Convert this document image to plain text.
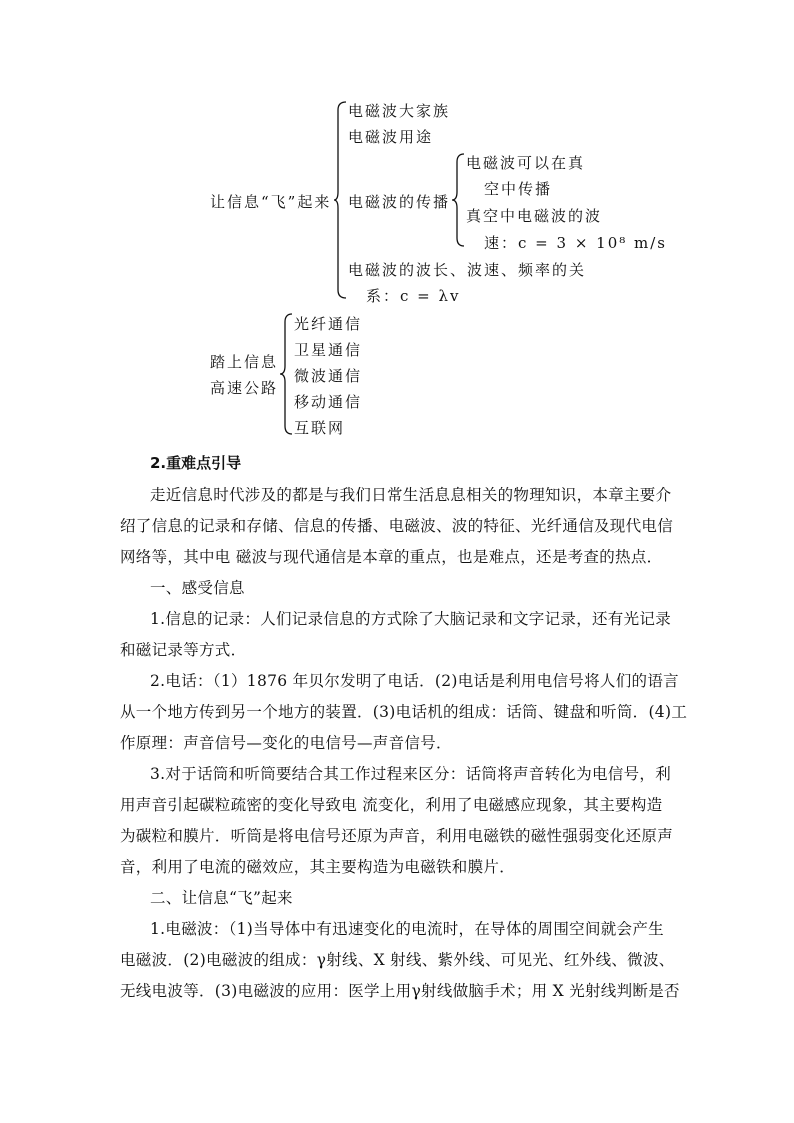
让信息“飞”起来
电磁波大家族
电磁波用途
电磁波的传播
电磁波的波长、波速、频率的关
系：c = λv
电磁波可以在真
空中传播
真空中电磁波的波
速：c = 3 × 10⁸ m/s
踏上信息
高速公路
光纤通信
卫星通信
微波通信
移动通信
互联网
2.重难点引导
走近信息时代涉及的都是与我们日常生活息息相关的物理知识，本章主要介
绍了信息的记录和存储、信息的传播、电磁波、波的特征、光纤通信及现代电信
网络等，其中电 磁波与现代通信是本章的重点，也是难点，还是考查的热点．
一、感受信息
1.信息的记录：人们记录信息的方式除了大脑记录和文字记录，还有光记录
和磁记录等方式．
2.电话：（1）1876 年贝尔发明了电话．(2)电话是利用电信号将人们的语言
从一个地方传到另一个地方的装置．(3)电话机的组成：话筒、键盘和听筒．(4)工
作原理：声音信号—变化的电信号—声音信号．
3.对于话筒和听筒要结合其工作过程来区分：话筒将声音转化为电信号，利
用声音引起碳粒疏密的变化导致电 流变化，利用了电磁感应现象，其主要构造
为碳粒和膜片．听筒是将电信号还原为声音，利用电磁铁的磁性强弱变化还原声
音，利用了电流的磁效应，其主要构造为电磁铁和膜片．
二、让信息“飞”起来
1.电磁波：（1)当导体中有迅速变化的电流时，在导体的周围空间就会产生
电磁波．(2)电磁波的组成：γ射线、X 射线、紫外线、可见光、红外线、微波、
无线电波等．(3)电磁波的应用：医学上用γ射线做脑手术；用 X 光射线判断是否
